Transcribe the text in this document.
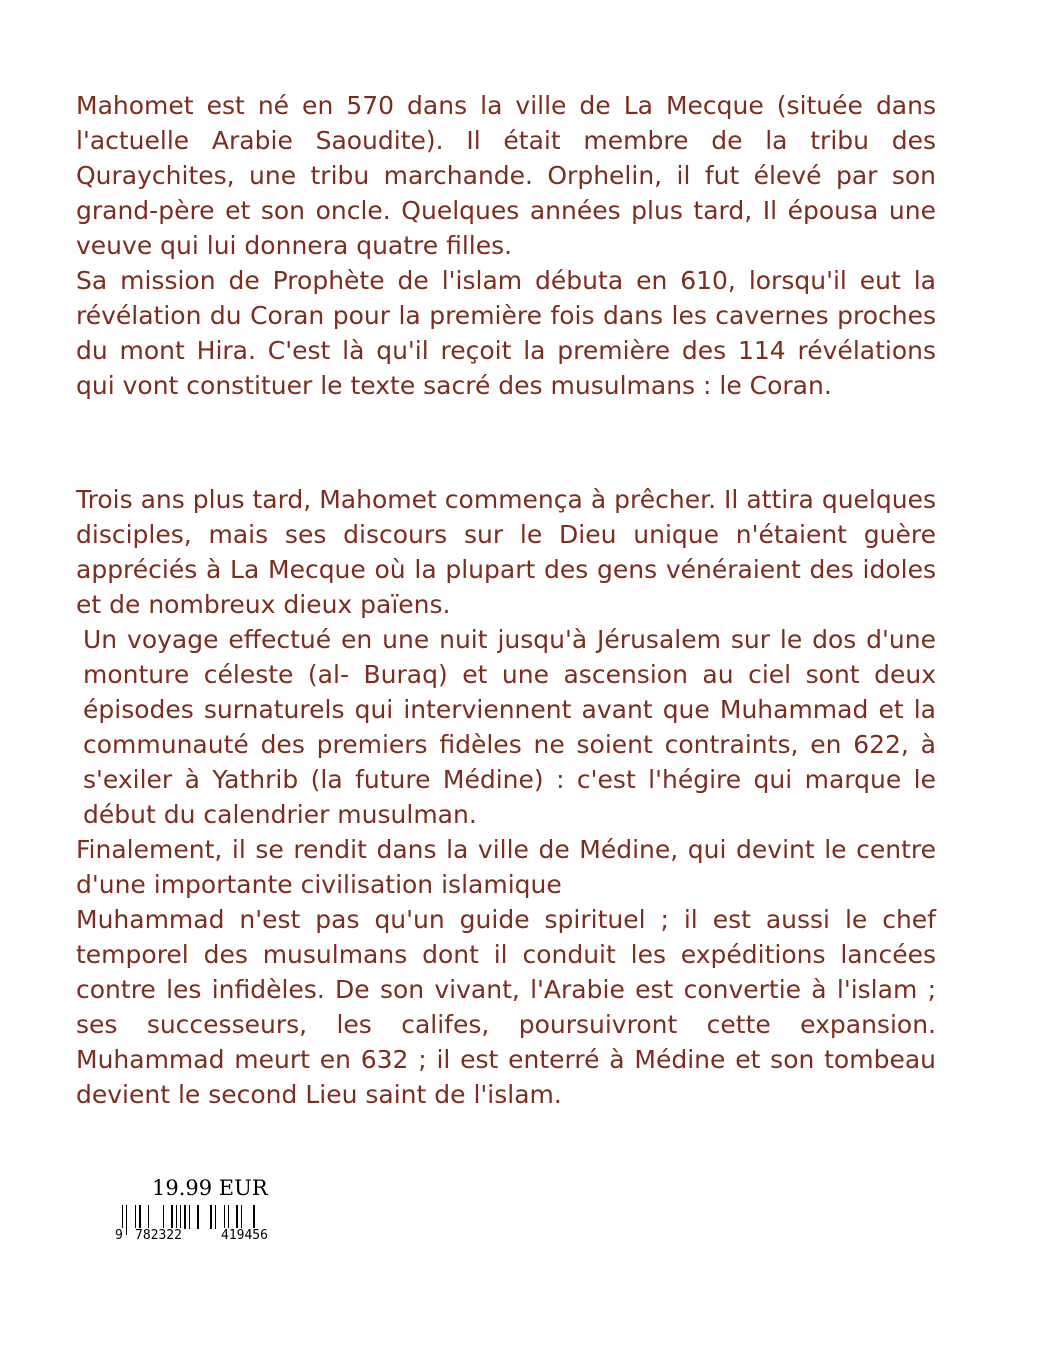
Mahomet est né en 570 dans la ville de La Mecque (située dans l'actuelle Arabie Saoudite). Il était membre de la tribu des Quraychites, une tribu marchande. Orphelin, il fut élevé par son grand-père et son oncle. Quelques années plus tard, Il épousa une veuve qui lui donnera quatre filles.

Sa mission de Prophète de l'islam débuta en 610, lorsqu'il eut la révélation du Coran pour la première fois dans les cavernes proches du mont Hira. C'est là qu'il reçoit la première des 114 révélations qui vont constituer le texte sacré des musulmans : le Coran.

Trois ans plus tard, Mahomet commença à prêcher. Il attira quelques disciples, mais ses discours sur le Dieu unique n'étaient guère appréciés à La Mecque où la plupart des gens vénéraient des idoles et de nombreux dieux païens.

Un voyage effectué en une nuit jusqu'à Jérusalem sur le dos d'une monture céleste (al- Buraq) et une ascension au ciel sont deux épisodes surnaturels qui interviennent avant que Muhammad et la communauté des premiers fidèles ne soient contraints, en 622, à s'exiler à Yathrib (la future Médine) : c'est l'hégire qui marque le début du calendrier musulman.

Finalement, il se rendit dans la ville de Médine, qui devint le centre d'une importante civilisation islamique

Muhammad n'est pas qu'un guide spirituel ; il est aussi le chef temporel des musulmans dont il conduit les expéditions lancées contre les infidèles. De son vivant, l'Arabie est convertie à l'islam ; ses successeurs, les califes, poursuivront cette expansion. Muhammad meurt en 632 ; il est enterré à Médine et son tombeau devient le second Lieu saint de l'islam.

19.99 EUR
9 782322	419456
